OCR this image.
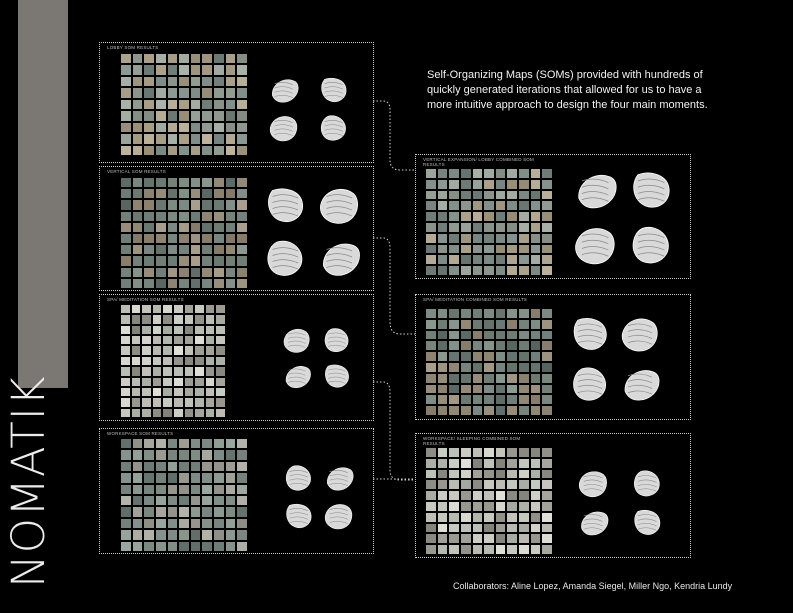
NOMATIK
Self-Organizing Maps (SOMs) provided with hundreds of quickly generated iterations that allowed for us to have a more intuitive approach to design the four main moments.
Collaborators: Aline Lopez, Amanda Siegel, Miller Ngo, Kendria Lundy
LOBBY SOM RESULTS
VERTICAL SOM RESULTS
SPA/ MEDITATION SOM RESULTS
WORKSPACE SOM RESULTS
VERTICAL EXPANSION/ LOBBY COMBINED SOM RESULTS
SPA/ MEDITATION COMBINED SOM RESULTS
WORKSPACE/ SLEEPING COMBINED SOM RESULTS
